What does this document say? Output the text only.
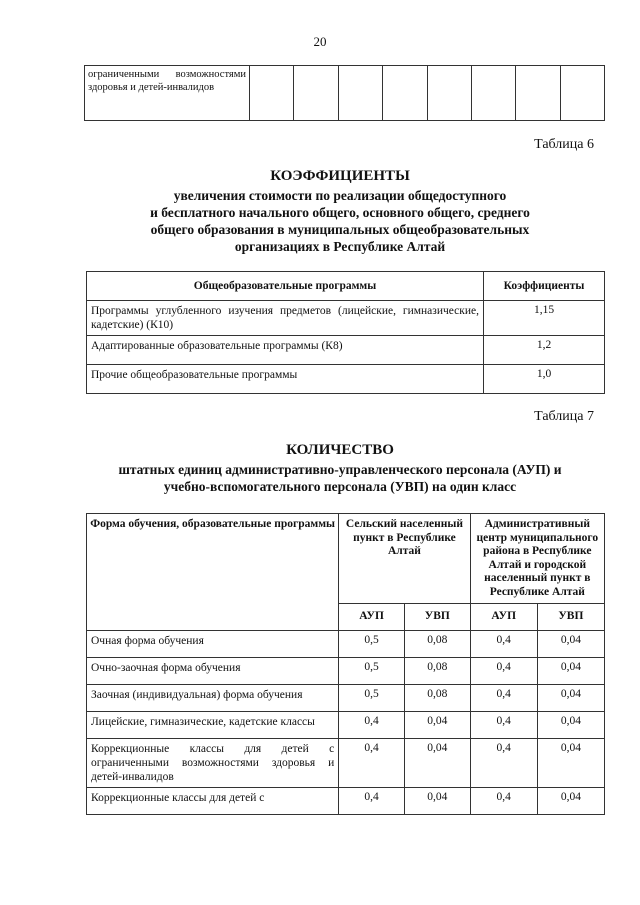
20
ограниченными возможностями здоровья и детей-инвалидов								
Таблица 6
КОЭФФИЦИЕНТЫ
увеличения стоимости по реализации общедоступного
и бесплатного начального общего, основного общего, среднего
общего образования в муниципальных общеобразовательных
организациях в Республике Алтай
Общеобразовательные программы	Коэффициенты
Программы углубленного изучения предметов (лицейские, гимназические, кадетские) (К10)	1,15
Адаптированные образовательные программы (К8)	1,2
Прочие общеобразовательные программы	1,0
Таблица 7
КОЛИЧЕСТВО
штатных единиц административно-управленческого персонала (АУП) и
учебно-вспомогательного персонала (УВП) на один класс
Форма обучения, образовательные программы	Сельский населенный пункт в Республике Алтай		Административный центр муниципального района в Республике Алтай и городской населенный пункт в Республике Алтай	
	АУП	УВП	АУП	УВП
Очная форма обучения	0,5	0,08	0,4	0,04
Очно-заочная форма обучения	0,5	0,08	0,4	0,04
Заочная (индивидуальная) форма обучения	0,5	0,08	0,4	0,04
Лицейские, гимназические, кадетские классы	0,4	0,04	0,4	0,04
Коррекционные классы для детей с ограниченными возможностями здоровья и детей-инвалидов	0,4	0,04	0,4	0,04
Коррекционные классы для детей с	0,4	0,04	0,4	0,04
